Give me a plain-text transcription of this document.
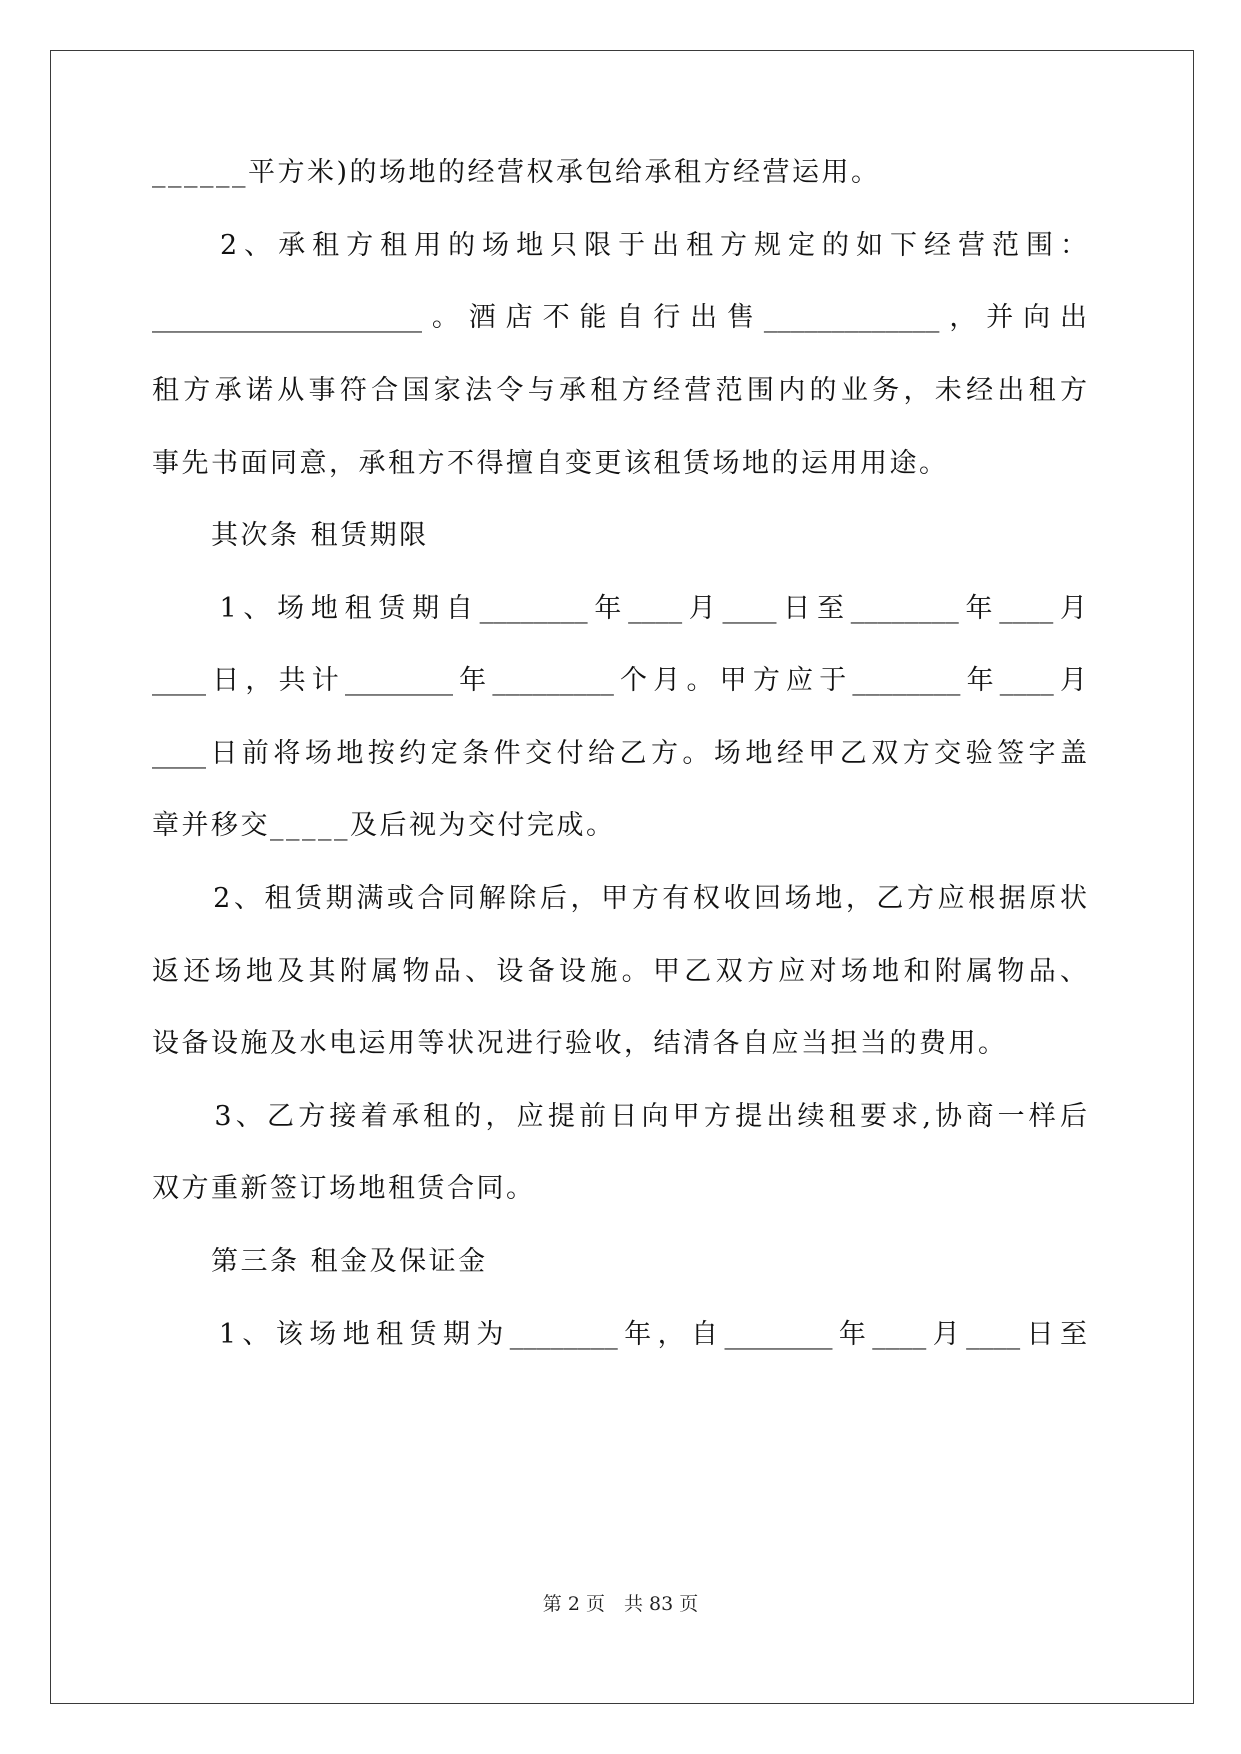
______平方米)的场地的经营权承包给承租方经营运用。
　　2、承租方租用的场地只限于出租方规定的如下经营范围：
____________________。酒店不能自行出售_____________，并向出
租方承诺从事符合国家法令与承租方经营范围内的业务，未经出租方
事先书面同意，承租方不得擅自变更该租赁场地的运用用途。
　　其次条 租赁期限
　　1、场地租赁期自________年____月____日至________年____月
____日，共计________年_________个月。甲方应于________年____月
____日前将场地按约定条件交付给乙方。场地经甲乙双方交验签字盖
章并移交_____及后视为交付完成。
　　2、租赁期满或合同解除后，甲方有权收回场地，乙方应根据原状
返还场地及其附属物品、设备设施。甲乙双方应对场地和附属物品、
设备设施及水电运用等状况进行验收，结清各自应当担当的费用。
　　3、乙方接着承租的，应提前日向甲方提出续租要求,协商一样后
双方重新签订场地租赁合同。
　　第三条 租金及保证金
　　1、该场地租赁期为________年，自________年____月____日至
第 2 页　共 83 页
